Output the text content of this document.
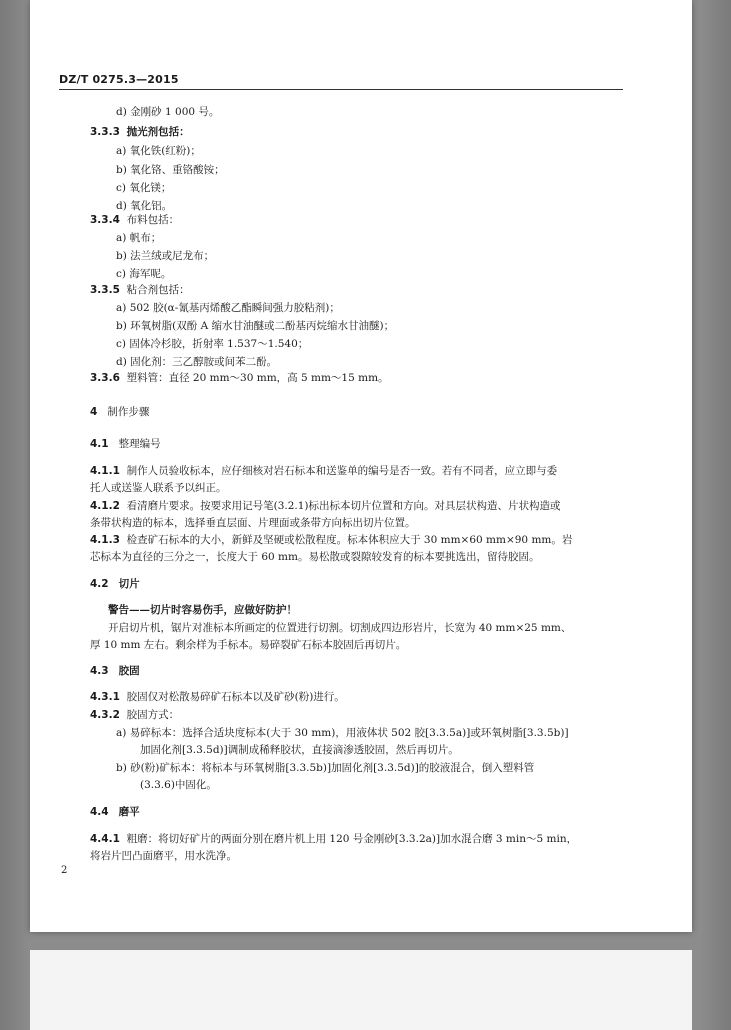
DZ/T 0275.3—2015
d) 金刚砂 1 000 号。
3.3.3 抛光剂包括：
a) 氧化铁(红粉)；
b) 氧化铬、重铬酸铵；
c) 氧化镁；
d) 氧化铝。
3.3.4 布料包括：
a) 帆布；
b) 法兰绒或尼龙布；
c) 海军呢。
3.3.5 粘合剂包括：
a) 502 胶(α-氰基丙烯酸乙酯瞬间强力胶粘剂)；
b) 环氧树脂(双酚 A 缩水甘油醚或二酚基丙烷缩水甘油醚)；
c) 固体冷杉胶，折射率 1.537～1.540；
d) 固化剂：三乙醇胺或间苯二酚。
3.3.6 塑料管：直径 20 mm～30 mm，高 5 mm～15 mm。
4 制作步骤
4.1 整理编号
4.1.1 制作人员验收标本，应仔细核对岩石标本和送鉴单的编号是否一致。若有不同者，应立即与委
托人或送鉴人联系予以纠正。
4.1.2 看清磨片要求。按要求用记号笔(3.2.1)标出标本切片位置和方向。对具层状构造、片状构造或
条带状构造的标本，选择垂直层面、片理面或条带方向标出切片位置。
4.1.3 检查矿石标本的大小，新鲜及坚硬或松散程度。标本体积应大于 30 mm×60 mm×90 mm。岩
芯标本为直径的三分之一，长度大于 60 mm。易松散或裂隙较发育的标本要挑选出，留待胶固。
4.2 切片
警告——切片时容易伤手，应做好防护！
开启切片机，锯片对准标本所画定的位置进行切割。切割成四边形岩片，长宽为 40 mm×25 mm、
厚 10 mm 左右。剩余样为手标本。易碎裂矿石标本胶固后再切片。
4.3 胶固
4.3.1 胶固仅对松散易碎矿石标本以及矿砂(粉)进行。
4.3.2 胶固方式：
a) 易碎标本：选择合适块度标本(大于 30 mm)，用液体状 502 胶[3.3.5a)]或环氧树脂[3.3.5b)]
加固化剂[3.3.5d)]调制成稀释胶状，直接滴渗透胶固，然后再切片。
b) 砂(粉)矿标本：将标本与环氧树脂[3.3.5b)]加固化剂[3.3.5d)]的胶液混合，倒入塑料管
(3.3.6)中固化。
4.4 磨平
4.4.1 粗磨：将切好矿片的两面分别在磨片机上用 120 号金刚砂[3.3.2a)]加水混合磨 3 min～5 min，
将岩片凹凸面磨平，用水洗净。
2
